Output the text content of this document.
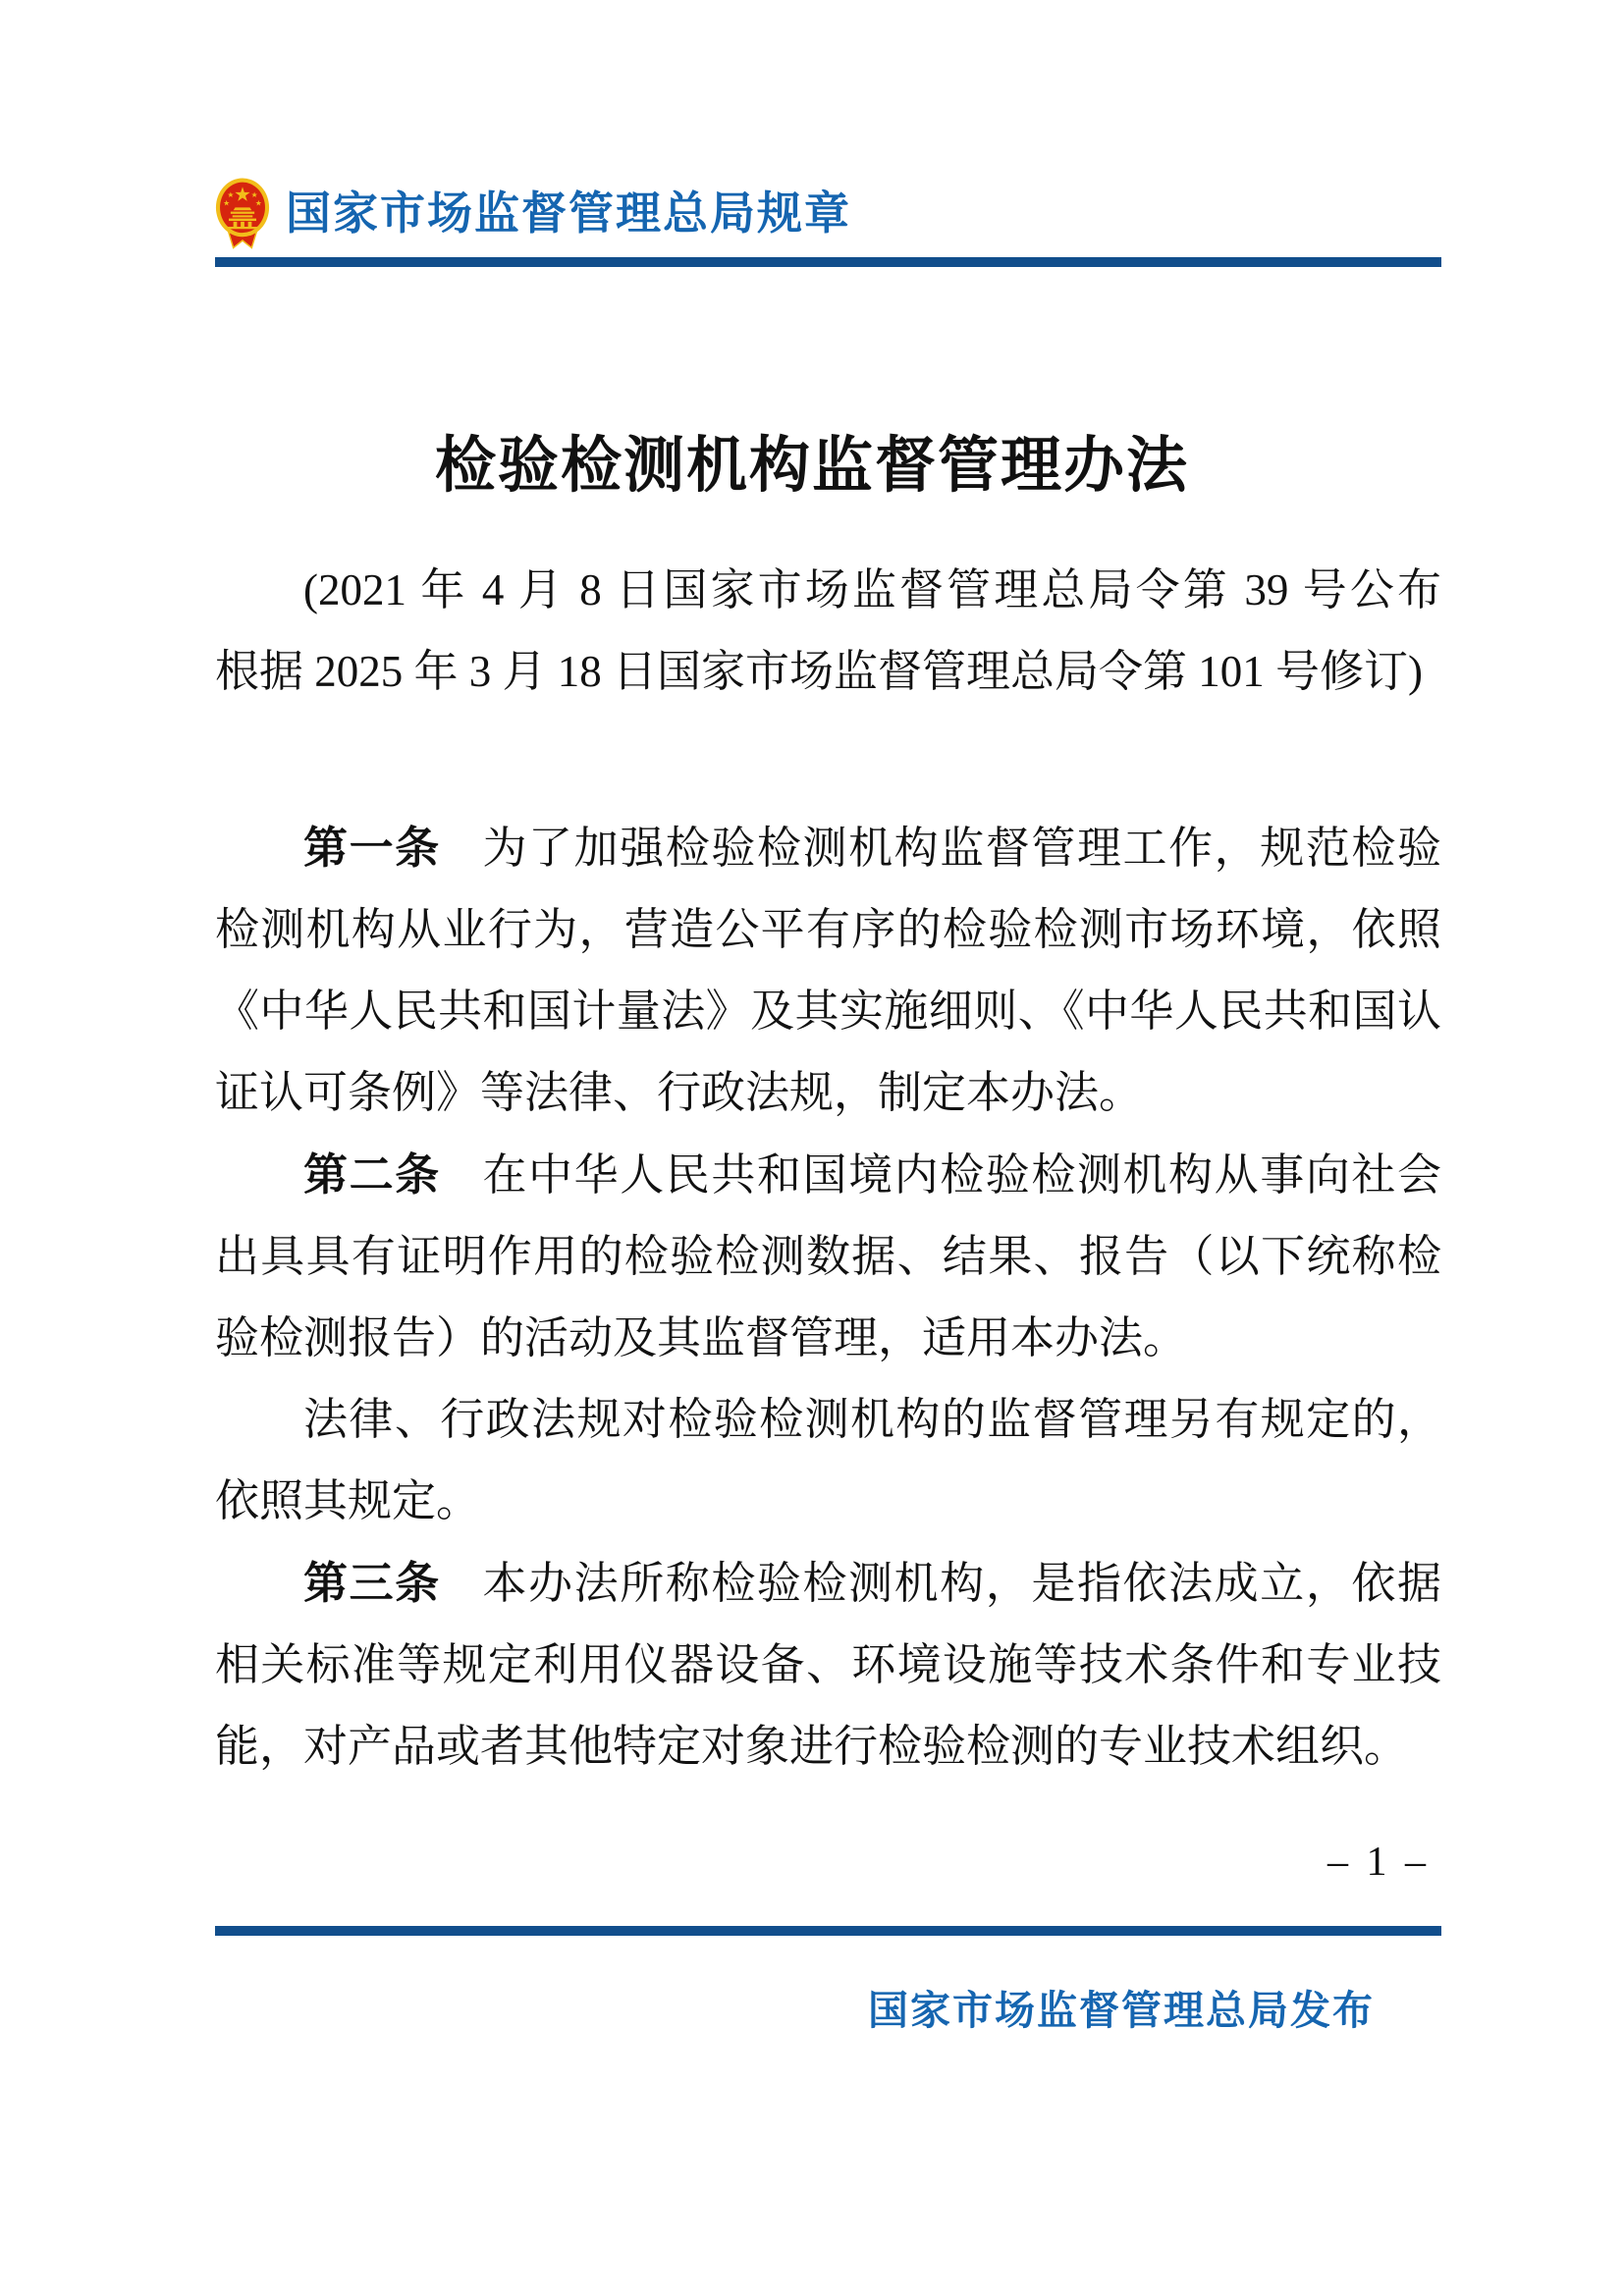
国家市场监督管理总局规章
检验检测机构监督管理办法

(2021 年 4 月 8 日国家市场监督管理总局令第 39 号公布　根据 2025 年 3 月 18 日国家市场监督管理总局令第 101 号修订)

第一条 为了加强检验检测机构监督管理工作，规范检验检测机构从业行为，营造公平有序的检验检测市场环境，依照《中华人民共和国计量法》及其实施细则、《中华人民共和国认证认可条例》等法律、行政法规，制定本办法。

第二条 在中华人民共和国境内检验检测机构从事向社会出具具有证明作用的检验检测数据、结果、报告（以下统称检验检测报告）的活动及其监督管理，适用本办法。

法律、行政法规对检验检测机构的监督管理另有规定的，依照其规定。

第三条 本办法所称检验检测机构，是指依法成立，依据相关标准等规定利用仪器设备、环境设施等技术条件和专业技能，对产品或者其他特定对象进行检验检测的专业技术组织。

– 1 –
国家市场监督管理总局发布
